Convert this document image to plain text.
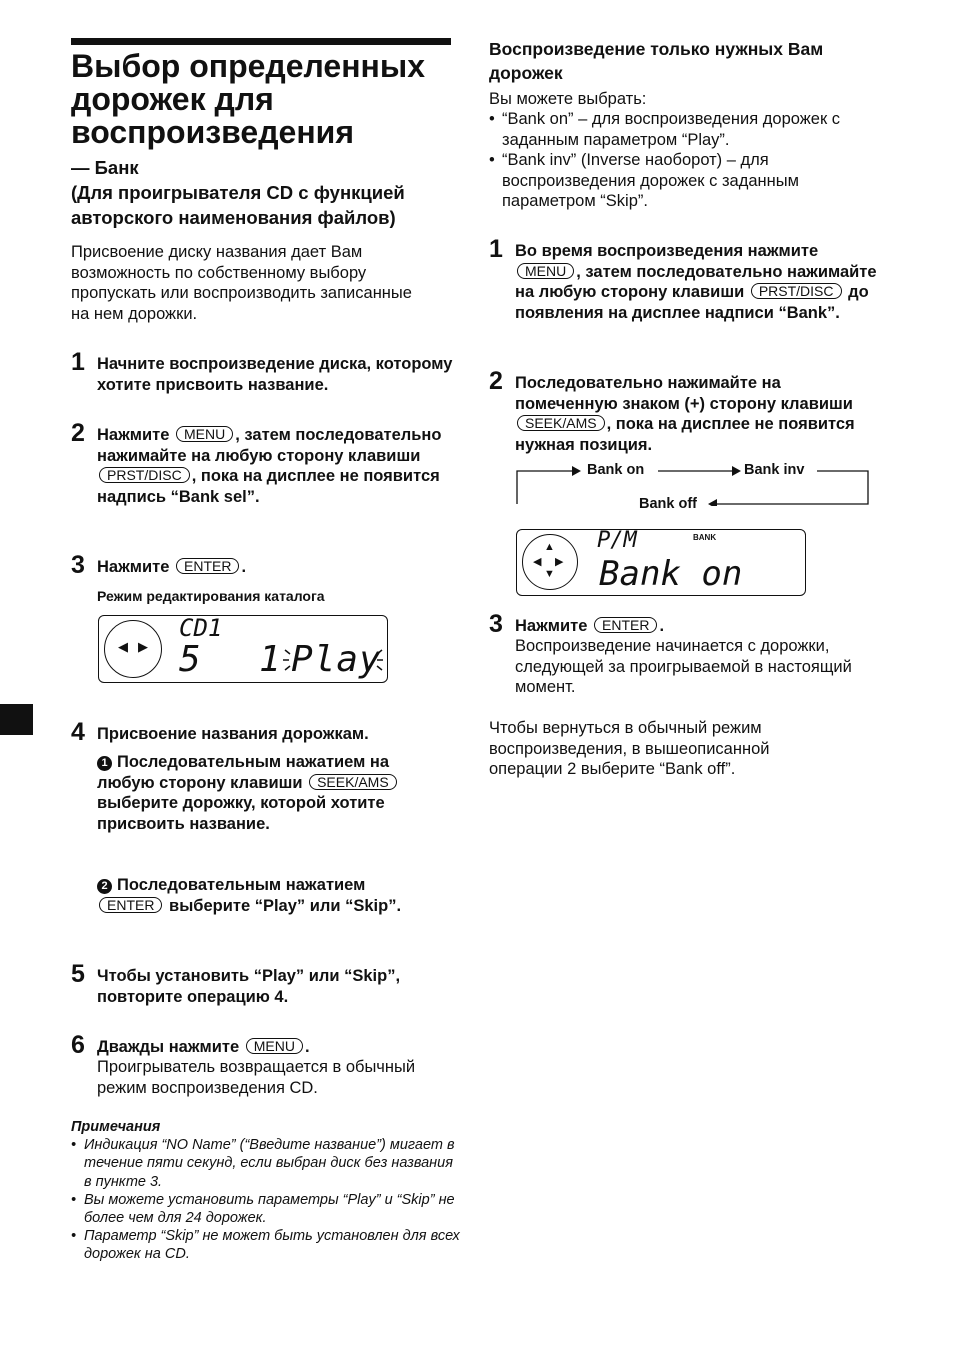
Выбор определенных дорожек для воспроизведения
— Банк
(Для проигрывателя CD с функцией авторского наименования файлов)

Присвоение диску названия дает Вам возможность по собственному выбору пропускать или воспроизводить записанные на нем дорожки.

1 Начните воспроизведение диска, которому хотите присвоить название.
2 Нажмите MENU , затем последовательно нажимайте на любую сторону клавиши PRST/DISC , пока на дисплее не появится надпись “Bank sel”.
3 Нажмите ENTER .
Режим редактирования каталога
◀ ▶
CD1
5 1 Play
4 Присвоение названия дорожкам.
1 Последовательным нажатием на любую сторону клавиши SEEK/AMS выберите дорожку, которой хотите присвоить название.
2 Последовательным нажатием ENTER выберите “Play” или “Skip”.
5 Чтобы установить “Play” или “Skip”, повторите операцию 4.
6 Дважды нажмите MENU .
Проигрыватель возвращается в обычный режим воспроизведения CD.
Примечания
• Индикация “NO Name” (“Введите название”) мигает в течение пяти секунд, если выбран диск без названия в пункте 3.
• Вы можете установить параметры “Play” и “Skip” не более чем для 24 дорожек.
• Параметр “Skip” не может быть установлен для всех дорожек на CD.
Воспроизведение только нужных Вам дорожек
Вы можете выбрать:
• “Bank on” – для воспроизведения дорожек с заданным параметром “Play”.
• “Bank inv” (Inverse наоборот) – для воспроизведения дорожек с заданным параметром “Skip”.
1 Во время воспроизведения нажмите MENU , затем последовательно нажимайте на любую сторону клавиши PRST/DISC до появления на дисплее надписи “Bank”.
2 Последовательно нажимайте на помеченную знаком (+) сторону клавиши SEEK/AMS , пока на дисплее не появится нужная позиция.
Bank on	Bank inv
Bank off
▲
◀ ▶
▼
P/M	BANK
Bank on
3 Нажмите ENTER .
Воспроизведение начинается с дорожки, следующей за проигрываемой в настоящий момент.

Чтобы вернуться в обычный режим воспроизведения, в вышеописанной операции 2 выберите “Bank off”.
